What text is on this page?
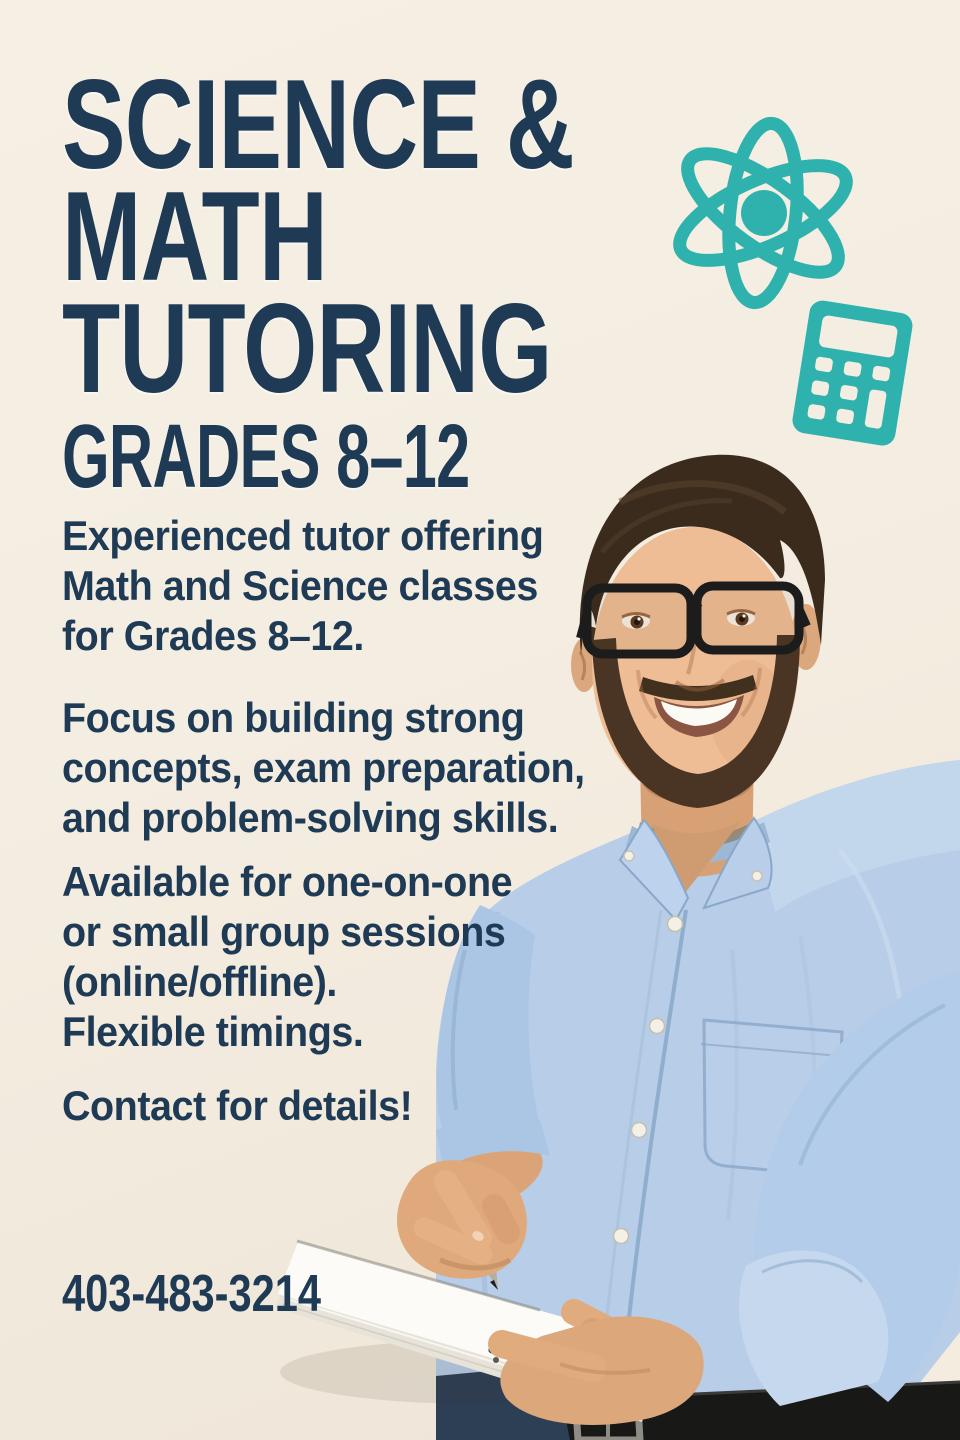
SCIENCE &
MATH
TUTORING
GRADES 8–12
Experienced tutor offering
Math and Science classes
for Grades 8–12.
Focus on building strong
concepts, exam preparation,
and problem-solving skills.
Available for one-on-one
or small group sessions
(online/offline).
Flexible timings.
Contact for details!
403-483-3214
